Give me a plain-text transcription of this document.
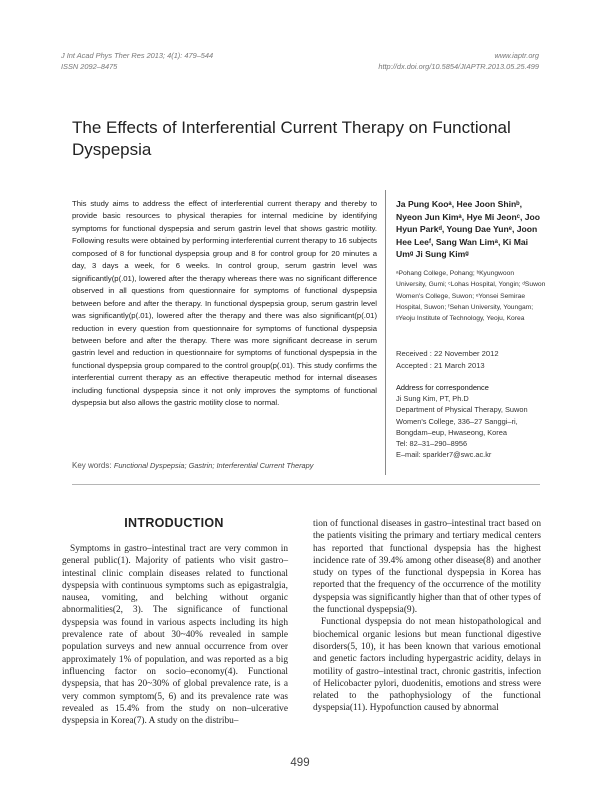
J Int Acad Phys Ther Res 2013; 4(1): 479–544
ISSN 2092–8475
www.iaptr.org
http://dx.doi.org/10.5854/JIAPTR.2013.05.25.499
The Effects of Interferential Current Therapy on Functional Dyspepsia

This study aims to address the effect of interferential current therapy and thereby to provide basic resources to physical therapies for internal medicine by identifying symptoms for functional dyspepsia and serum gastrin level that shows gastric motility. Following results were obtained by performing interferential current therapy to 16 subjects composed of 8 for functional dyspepsia group and 8 for control group for 20 minutes a day, 3 days a week, for 6 weeks. In control group, serum gastrin level was significantly(p(.01), lowered after the therapy whereas there was no significant difference observed in all questions from questionnaire for symptoms of functional dyspepsia between before and after the therapy. In functional dyspepsia group, serum gastrin level was significantly(p(.01), lowered after the therapy and there was also significant(p(.01) reduction in every question from questionnaire for symptoms of functional dyspepsia between before and after the therapy. There was more significant decrease in serum gastrin level and reduction in questionnaire for symptoms of functional dyspepsia in the functional dyspepsia group compared to the control group(p(.01). This study confirms the interferential current therapy as an effective therapeutic method for internal diseases including functional dyspepsia since it not only improves the symptoms of functional dyspepsia but also allows the gastric motility close to normal.

Ja Pung Kooᵃ, Hee Joon Shinᵇ, Nyeon Jun Kimᵃ, Hye Mi Jeonᶜ, Joo Hyun Parkᵈ, Young Dae Yunᵉ, Joon Hee Leeᶠ, Sang Wan Limᵃ, Ki Mai Umᵍ Ji Sung Kimᵍ

ᵃPohang College, Pohang; ᵇKyungwoon University, Gumi; ᶜLohas Hospital, Yongin; ᵈSuwon Women's College, Suwon; ᵉYonsei Semirae Hospital, Suwon; ᶠSehan University, Youngam; ᵍYeoju Institute of Technology, Yeoju, Korea

Received : 22 November 2012
Accepted : 21 March 2013
Address for correspondence
Ji Sung Kim, PT, Ph.D
Department of Physical Therapy, Suwon Women's College, 336–27 Sanggi–ri, Bongdam–eup, Hwaseong, Korea
Tel: 82–31–290–8956
E–mail: sparkler7@swc.ac.kr
Key words: Functional Dyspepsia; Gastrin; Interferential Current Therapy
INTRODUCTION

Symptoms in gastro–intestinal tract are very common in general public(1). Majority of patients who visit gastro–intestinal clinic complain diseases related to functional dyspepsia with continuous symptoms such as epigastralgia, nausea, vomiting, and belching without organic abnormalities(2, 3). The significance of functional dyspepsia was found in various aspects including its high prevalence rate of about 30~40% revealed in sample population surveys and new annual occurrence from over approximately 1% of population, and was reported as a big influencing factor on socio–economy(4). Functional dyspepsia, that has 20~30% of global prevalence rate, is a very common symptom(5, 6) and its prevalence rate was revealed as 15.4% from the study on non–ulcerative dyspepsia in Korea(7). A study on the distribu–

tion of functional diseases in gastro–intestinal tract based on the patients visiting the primary and tertiary medical centers has reported that functional dyspepsia has the highest incidence rate of 39.4% among other disease(8) and another study on types of the functional dyspepsia in Korea has reported that the frequency of the occurrence of the motility dyspepsia was significantly higher than that of other types of the functional dyspepsia(9).

Functional dyspepsia do not mean histopathological and biochemical organic lesions but mean functional digestive disorders(5, 10), it has been known that various emotional and genetic factors including hypergastric acidity, delays in motility of gastro–intestinal tract, chronic gastritis, infection of Helicobacter pylori, duodenitis, emotions and stress were related to the pathophysiology of the functional dyspepsia(11). Hypofunction caused by abnormal

499
